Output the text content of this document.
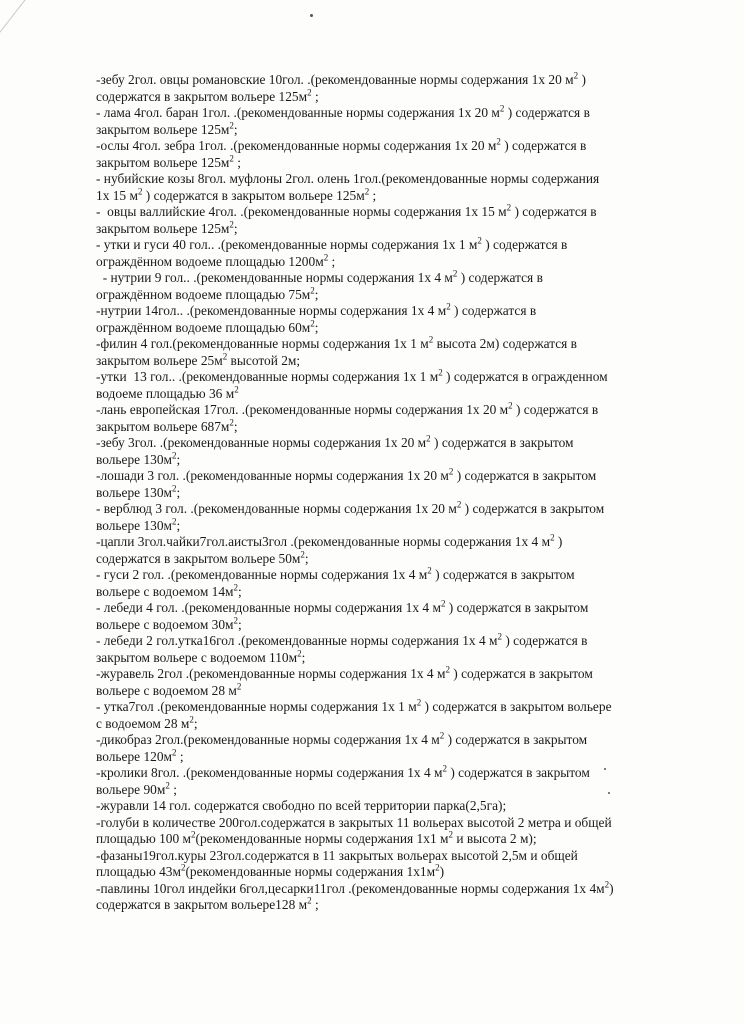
-зебу 2гол. овцы романовские 10гол. .(рекомендованные нормы содержания 1х 20 $м^2$ )
содержатся в закрытом вольере $125м^2$ ;
- лама 4гол. баран 1гол. .(рекомендованные нормы содержания 1х 20 $м^2$ ) содержатся в
закрытом вольере $125м^2$;
-ослы 4гол. зебра 1гол. .(рекомендованные нормы содержания 1х 20 $м^2$ ) содержатся в
закрытом вольере $125м^2$ ;
- нубийские козы 8гол. муфлоны 2гол. олень 1гол.(рекомендованные нормы содержания
1х 15 $м^2$ ) содержатся в закрытом вольере $125м^2$ ;
-  овцы валлийские 4гол. .(рекомендованные нормы содержания 1х 15 $м^2$ ) содержатся в
закрытом вольере $125м^2$;
- утки и гуси 40 гол.. .(рекомендованные нормы содержания 1х 1 $м^2$ ) содержатся в
ограждённом водоеме площадью $1200м^2$ ;
- нутрии 9 гол.. .(рекомендованные нормы содержания 1х 4 $м^2$ ) содержатся в
ограждённом водоеме площадью $75м^2$;
-нутрии 14гол.. .(рекомендованные нормы содержания 1х 4 $м^2$ ) содержатся в
ограждённом водоеме площадью $60м^2$;
-филин 4 гол.(рекомендованные нормы содержания 1х 1 $м^2$ высота 2м) содержатся в
закрытом вольере $25м^2$ высотой 2м;
-утки  13 гол.. .(рекомендованные нормы содержания 1х 1 $м^2$ ) содержатся в огражденном
водоеме площадью 36 $м^2$
-лань европейская 17гол. .(рекомендованные нормы содержания 1х 20 $м^2$ ) содержатся в
закрытом вольере $687м^2$;
-зебу 3гол. .(рекомендованные нормы содержания 1х 20 $м^2$ ) содержатся в закрытом
вольере $130м^2$;
-лошади 3 гол. .(рекомендованные нормы содержания 1х 20 $м^2$ ) содержатся в закрытом
вольере $130м^2$;
- верблюд 3 гол. .(рекомендованные нормы содержания 1х 20 $м^2$ ) содержатся в закрытом
вольере $130м^2$;
-цапли 3гол.чайки7гол.аисты3гол .(рекомендованные нормы содержания 1х 4 $м^2$ )
содержатся в закрытом вольере $50м^2$;
- гуси 2 гол. .(рекомендованные нормы содержания 1х 4 $м^2$ ) содержатся в закрытом
вольере с водоемом $14м^2$;
- лебеди 4 гол. .(рекомендованные нормы содержания 1х 4 $м^2$ ) содержатся в закрытом
вольере с водоемом $30м^2$;
- лебеди 2 гол.утка16гол .(рекомендованные нормы содержания 1х 4 $м^2$ ) содержатся в
закрытом вольере с водоемом $110м^2$;
-журавель 2гол .(рекомендованные нормы содержания 1х 4 $м^2$ ) содержатся в закрытом
вольере с водоемом 28 $м^2$
- утка7гол .(рекомендованные нормы содержания 1х 1 $м^2$ ) содержатся в закрытом вольере
с водоемом 28 $м^2$;
-дикобраз 2гол.(рекомендованные нормы содержания 1х 4 $м^2$ ) содержатся в закрытом
вольере $120м^2$ ;
-кролики 8гол. .(рекомендованные нормы содержания 1х 4 $м^2$ ) содержатся в закрытом
вольере $90м^2$ ;
-журавли 14 гол. содержатся свободно по всей территории парка(2,5га);
-голуби в количестве 200гол.содержатся в закрытых 11 вольерах высотой 2 метра и общей
площадью 100 $м^2(рекомендованные$ нормы содержания 1х1 $м^2$ и высота 2 м);
-фазаны19гол.куры 23гол.содержатся в 11 закрытых вольерах высотой 2,5м и общей
площадью $43м^2(рекомендованные$ нормы содержания $1х1м^2$)
-павлины 10гол индейки 6гол,цесарки11гол .(рекомендованные нормы содержания 1х $4м^2$)
содержатся в закрытом вольере128 $м^2$ ;
